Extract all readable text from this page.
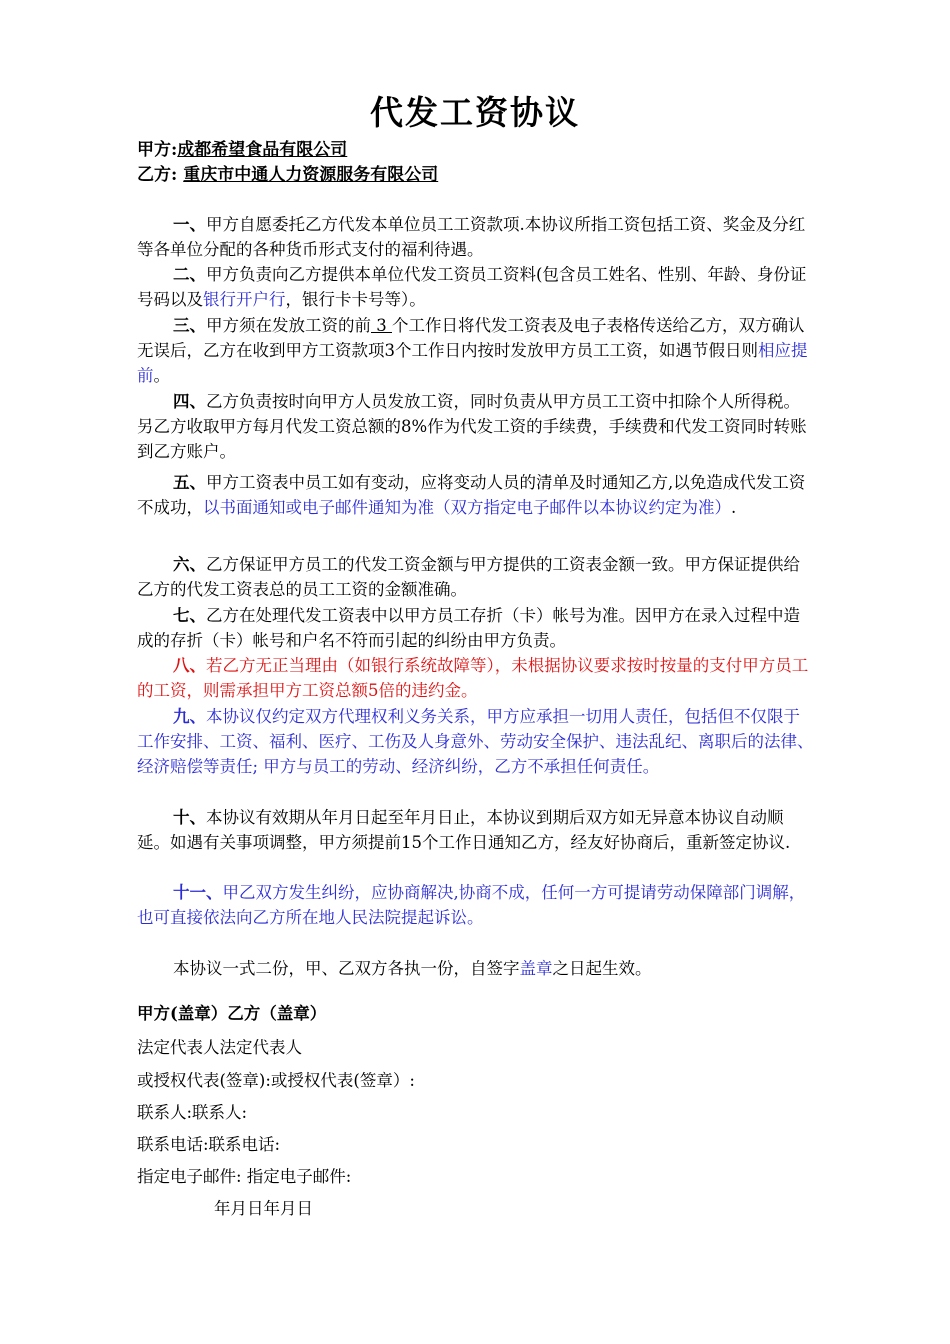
代发工资协议
甲方:成都希望食品有限公司
乙方: 重庆市中通人力资源服务有限公司

一、甲方自愿委托乙方代发本单位员工工资款项.本协议所指工资包括工资、奖金及分红等各单位分配的各种货币形式支付的福利待遇。

二、甲方负责向乙方提供本单位代发工资员工资料(包含员工姓名、性别、年龄、身份证号码以及银行开户行，银行卡卡号等）。

三、甲方须在发放工资的前 3 个工作日将代发工资表及电子表格传送给乙方，双方确认无误后，乙方在收到甲方工资款项3个工作日内按时发放甲方员工工资，如遇节假日则相应提前。

四、乙方负责按时向甲方人员发放工资，同时负责从甲方员工工资中扣除个人所得税。另乙方收取甲方每月代发工资总额的8%作为代发工资的手续费，手续费和代发工资同时转账到乙方账户。

五、甲方工资表中员工如有变动，应将变动人员的清单及时通知乙方,以免造成代发工资不成功，以书面通知或电子邮件通知为准（双方指定电子邮件以本协议约定为准）.

六、乙方保证甲方员工的代发工资金额与甲方提供的工资表金额一致。甲方保证提供给乙方的代发工资表总的员工工资的金额准确。

七、乙方在处理代发工资表中以甲方员工存折（卡）帐号为准。因甲方在录入过程中造成的存折（卡）帐号和户名不符而引起的纠纷由甲方负责。

八、若乙方无正当理由（如银行系统故障等），未根据协议要求按时按量的支付甲方员工的工资，则需承担甲方工资总额5倍的违约金。

九、本协议仅约定双方代理权利义务关系，甲方应承担一切用人责任，包括但不仅限于工作安排、工资、福利、医疗、工伤及人身意外、劳动安全保护、违法乱纪、离职后的法律、经济赔偿等责任; 甲方与员工的劳动、经济纠纷，乙方不承担任何责任。

十、本协议有效期从年月日起至年月日止，本协议到期后双方如无异意本协议自动顺延。如遇有关事项调整，甲方须提前15个工作日通知乙方，经友好协商后，重新签定协议.

十一、甲乙双方发生纠纷，应协商解决,协商不成，任何一方可提请劳动保障部门调解，也可直接依法向乙方所在地人民法院提起诉讼。

本协议一式二份，甲、乙双方各执一份，自签字盖章之日起生效。

甲方(盖章）乙方（盖章）
法定代表人法定代表人
或授权代表(签章):或授权代表(签章）:
联系人:联系人:
联系电话:联系电话:
指定电子邮件: 指定电子邮件:
年月日年月日
